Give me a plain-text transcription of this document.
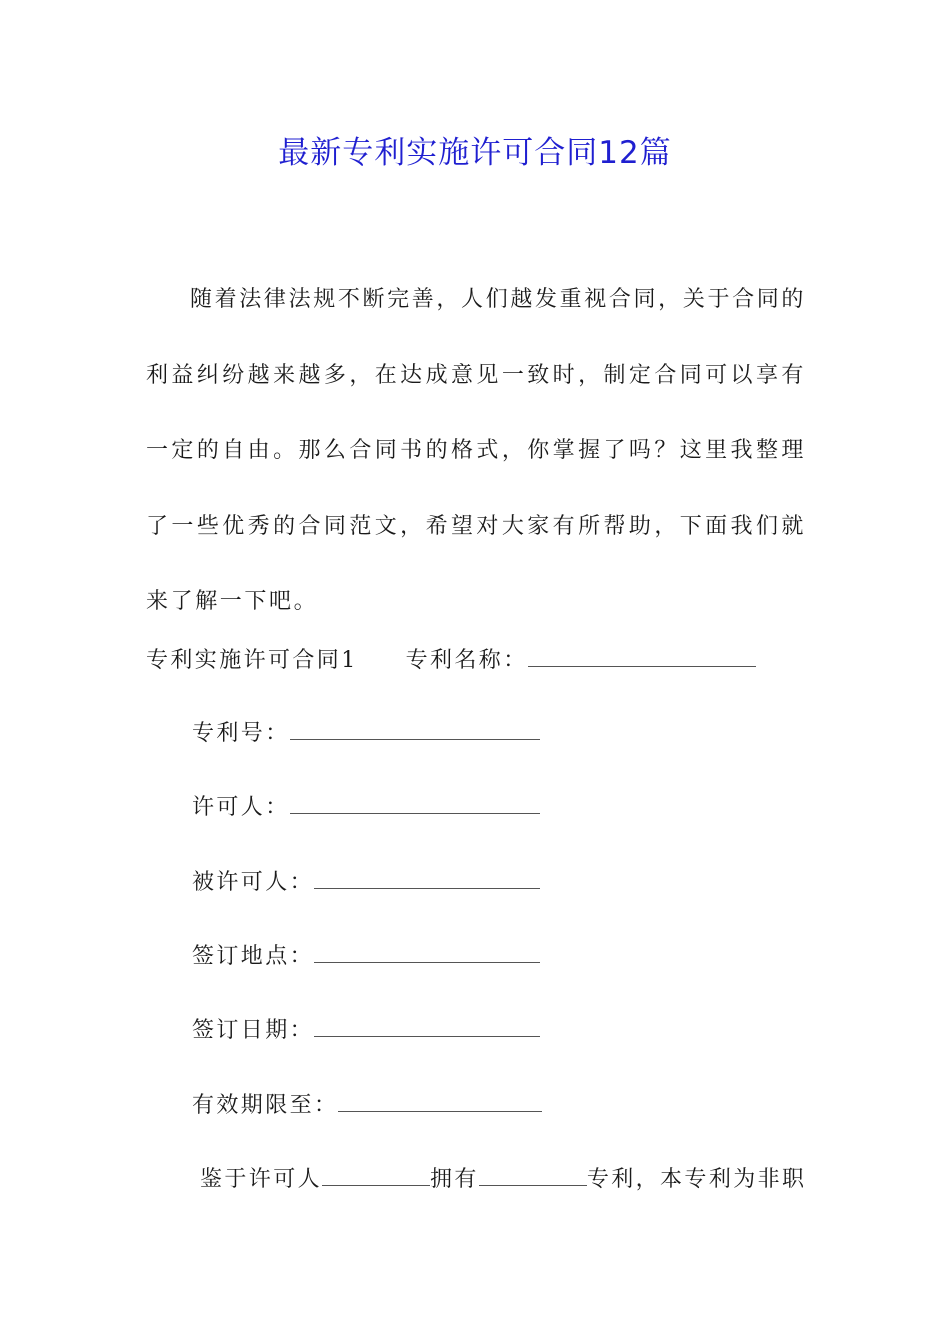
最新专利实施许可合同12篇

随着法律法规不断完善，人们越发重视合同，关于合同的利益纠纷越来越多，在达成意见一致时，制定合同可以享有一定的自由。那么合同书的格式，你掌握了吗？这里我整理了一些优秀的合同范文，希望对大家有所帮助，下面我们就来了解一下吧。

专利实施许可合同1 专利名称：
专利号：
许可人：
被许可人：
签订地点：
签订日期：
有效期限至：
鉴于许可人	拥有	专利，本专利为非职
